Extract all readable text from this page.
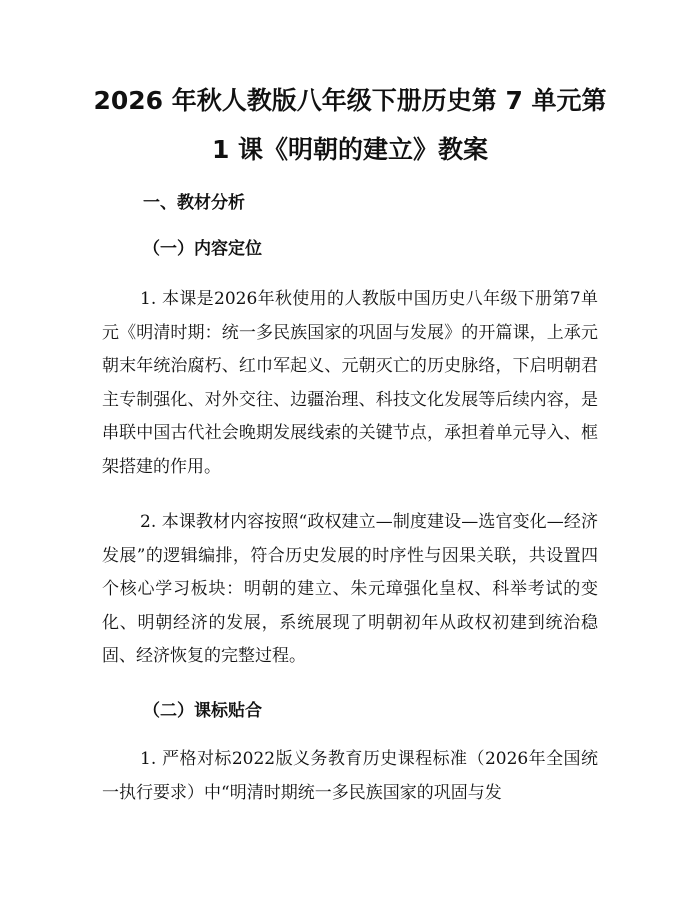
2026 年秋人教版八年级下册历史第 7 单元第
1 课《明朝的建立》教案
一、教材分析
（一）内容定位

1. 本课是2026年秋使用的人教版中国历史八年级下册第7单元《明清时期：统一多民族国家的巩固与发展》的开篇课，上承元朝末年统治腐朽、红巾军起义、元朝灭亡的历史脉络，下启明朝君主专制强化、对外交往、边疆治理、科技文化发展等后续内容，是串联中国古代社会晚期发展线索的关键节点，承担着单元导入、框架搭建的作用。

2. 本课教材内容按照“政权建立—制度建设—选官变化—经济发展”的逻辑编排，符合历史发展的时序性与因果关联，共设置四个核心学习板块：明朝的建立、朱元璋强化皇权、科举考试的变化、明朝经济的发展，系统展现了明朝初年从政权初建到统治稳固、经济恢复的完整过程。

（二）课标贴合

1. 严格对标2022版义务教育历史课程标准（2026年全国统一执行要求）中“明清时期统一多民族国家的巩固与发
